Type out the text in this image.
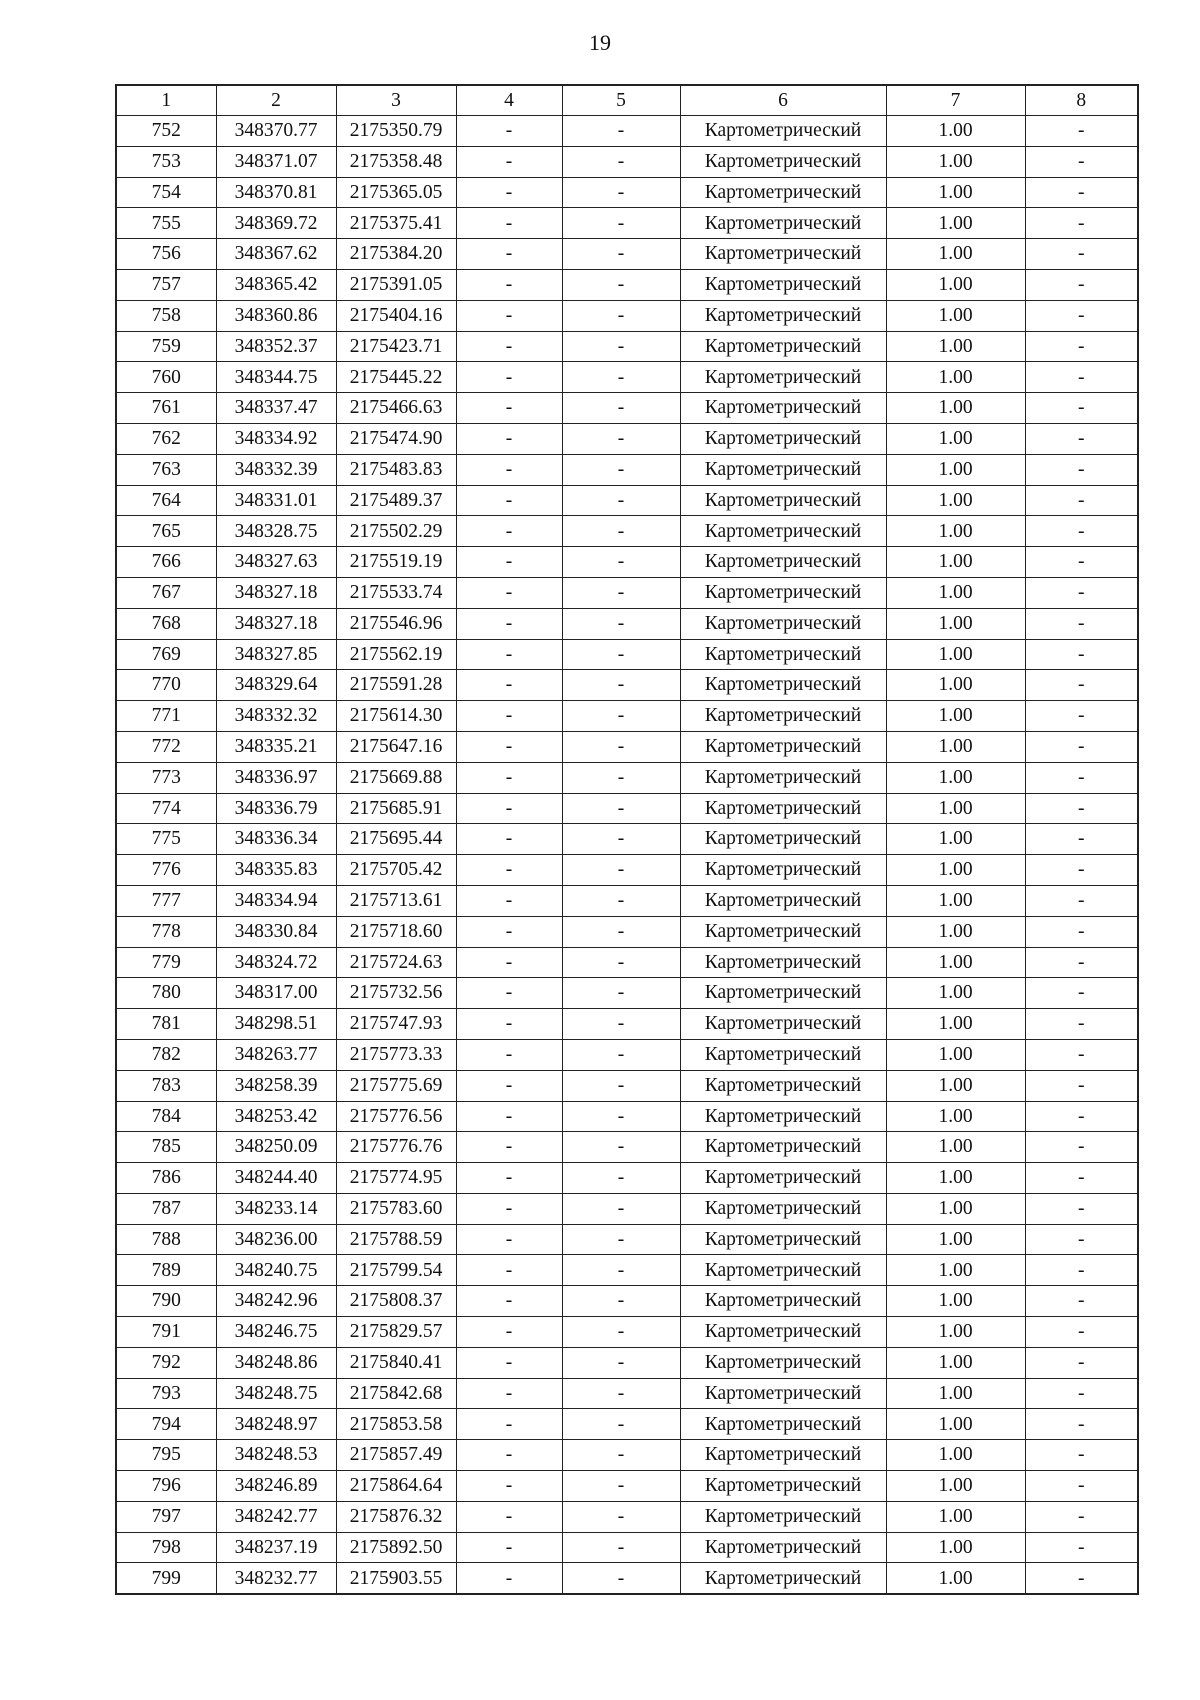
19
1	2	3	4	5	6	7	8
752	348370.77	2175350.79	-	-	Картометрический	1.00	-
753	348371.07	2175358.48	-	-	Картометрический	1.00	-
754	348370.81	2175365.05	-	-	Картометрический	1.00	-
755	348369.72	2175375.41	-	-	Картометрический	1.00	-
756	348367.62	2175384.20	-	-	Картометрический	1.00	-
757	348365.42	2175391.05	-	-	Картометрический	1.00	-
758	348360.86	2175404.16	-	-	Картометрический	1.00	-
759	348352.37	2175423.71	-	-	Картометрический	1.00	-
760	348344.75	2175445.22	-	-	Картометрический	1.00	-
761	348337.47	2175466.63	-	-	Картометрический	1.00	-
762	348334.92	2175474.90	-	-	Картометрический	1.00	-
763	348332.39	2175483.83	-	-	Картометрический	1.00	-
764	348331.01	2175489.37	-	-	Картометрический	1.00	-
765	348328.75	2175502.29	-	-	Картометрический	1.00	-
766	348327.63	2175519.19	-	-	Картометрический	1.00	-
767	348327.18	2175533.74	-	-	Картометрический	1.00	-
768	348327.18	2175546.96	-	-	Картометрический	1.00	-
769	348327.85	2175562.19	-	-	Картометрический	1.00	-
770	348329.64	2175591.28	-	-	Картометрический	1.00	-
771	348332.32	2175614.30	-	-	Картометрический	1.00	-
772	348335.21	2175647.16	-	-	Картометрический	1.00	-
773	348336.97	2175669.88	-	-	Картометрический	1.00	-
774	348336.79	2175685.91	-	-	Картометрический	1.00	-
775	348336.34	2175695.44	-	-	Картометрический	1.00	-
776	348335.83	2175705.42	-	-	Картометрический	1.00	-
777	348334.94	2175713.61	-	-	Картометрический	1.00	-
778	348330.84	2175718.60	-	-	Картометрический	1.00	-
779	348324.72	2175724.63	-	-	Картометрический	1.00	-
780	348317.00	2175732.56	-	-	Картометрический	1.00	-
781	348298.51	2175747.93	-	-	Картометрический	1.00	-
782	348263.77	2175773.33	-	-	Картометрический	1.00	-
783	348258.39	2175775.69	-	-	Картометрический	1.00	-
784	348253.42	2175776.56	-	-	Картометрический	1.00	-
785	348250.09	2175776.76	-	-	Картометрический	1.00	-
786	348244.40	2175774.95	-	-	Картометрический	1.00	-
787	348233.14	2175783.60	-	-	Картометрический	1.00	-
788	348236.00	2175788.59	-	-	Картометрический	1.00	-
789	348240.75	2175799.54	-	-	Картометрический	1.00	-
790	348242.96	2175808.37	-	-	Картометрический	1.00	-
791	348246.75	2175829.57	-	-	Картометрический	1.00	-
792	348248.86	2175840.41	-	-	Картометрический	1.00	-
793	348248.75	2175842.68	-	-	Картометрический	1.00	-
794	348248.97	2175853.58	-	-	Картометрический	1.00	-
795	348248.53	2175857.49	-	-	Картометрический	1.00	-
796	348246.89	2175864.64	-	-	Картометрический	1.00	-
797	348242.77	2175876.32	-	-	Картометрический	1.00	-
798	348237.19	2175892.50	-	-	Картометрический	1.00	-
799	348232.77	2175903.55	-	-	Картометрический	1.00	-
